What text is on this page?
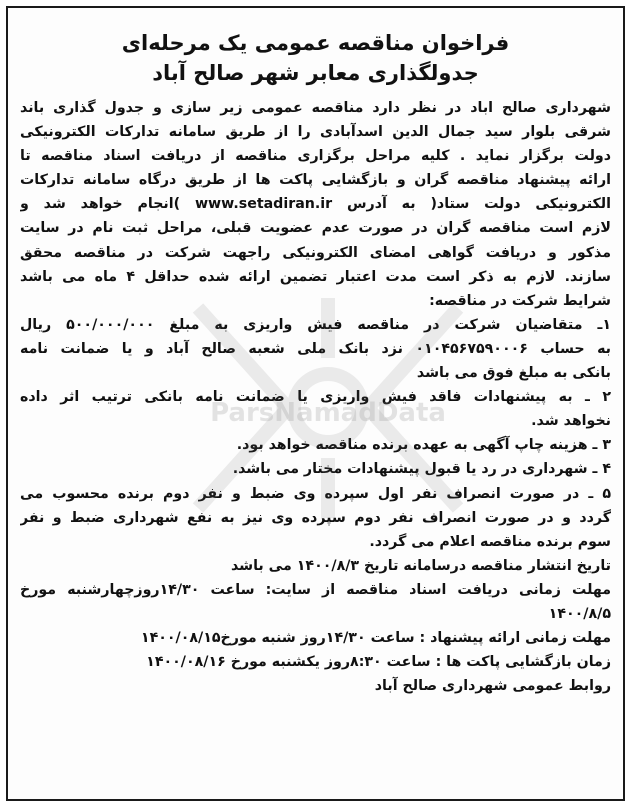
ParsNamadData
فراخوان مناقصه عمومی یک مرحله‌ای
جدولگذاری معابر شهر صالح آباد
شهرداری صالح اباد در نظر دارد مناقصه عمومی زیر سازی و جدول گذاری باند
شرقی بلوار سید جمال الدین اسدآبادی را از طریق سامانه تدارکات الکترونیکی
دولت برگزار نماید . کلیه مراحل برگزاری مناقصه از دریافت اسناد مناقصه تا
ارائه پیشنهاد مناقصه گران و بازگشایی پاکت ها از طریق درگاه سامانه تدارکات
الکترونیکی دولت ستاد( به آدرس www.setadiran.ir )انجام خواهد شد و
لازم است مناقصه گران در صورت عدم عضویت قبلی، مراحل ثبت نام در سایت
مذکور و دریافت گواهی امضای الکترونیکی راجهت شرکت در مناقصه محقق
سازند. لازم به ذکر است مدت اعتبار تضمین ارائه شده حداقل ۴ ماه می باشد
شرایط شرکت در مناقصه:
۱ـ متقاضیان شرکت در مناقصه فیش واریزی به مبلغ ۵۰۰/۰۰۰/۰۰۰ ریال
به حساب ۰۱۰۴۵۶۷۵۹۰۰۰۶ نزد بانک ملی شعبه صالح آباد و یا ضمانت نامه
بانکی به مبلغ فوق می باشد
۲ ـ به پیشنهادات فاقد فیش واریزی یا ضمانت نامه بانکی ترتیب اثر داده
نخواهد شد.
۳ ـ هزینه چاپ آگهی به عهده برنده مناقصه خواهد بود.
۴ ـ شهرداری در رد یا قبول پیشنهادات مختار می باشد.
۵ ـ در صورت انصراف نفر اول سپرده وی ضبط و نفر دوم برنده محسوب می
گردد و در صورت انصراف نفر دوم سپرده وی نیز به نفع شهرداری ضبط و نفر
سوم برنده مناقصه اعلام می گردد.
تاریخ انتشار مناقصه درسامانه تاریخ ۱۴۰۰/۸/۳ می باشد
مهلت زمانی دریافت اسناد مناقصه از سایت: ساعت ۱۴/۳۰روزچهارشنبه مورخ
۱۴۰۰/۸/۵
مهلت زمانی ارائه پیشنهاد : ساعت ۱۴/۳۰روز شنبه مورخ۱۴۰۰/۰۸/۱۵
زمان بازگشایی پاکت ها : ساعت ۸:۳۰روز یکشنبه مورخ ۱۴۰۰/۰۸/۱۶
روابط عمومی شهرداری صالح آباد
